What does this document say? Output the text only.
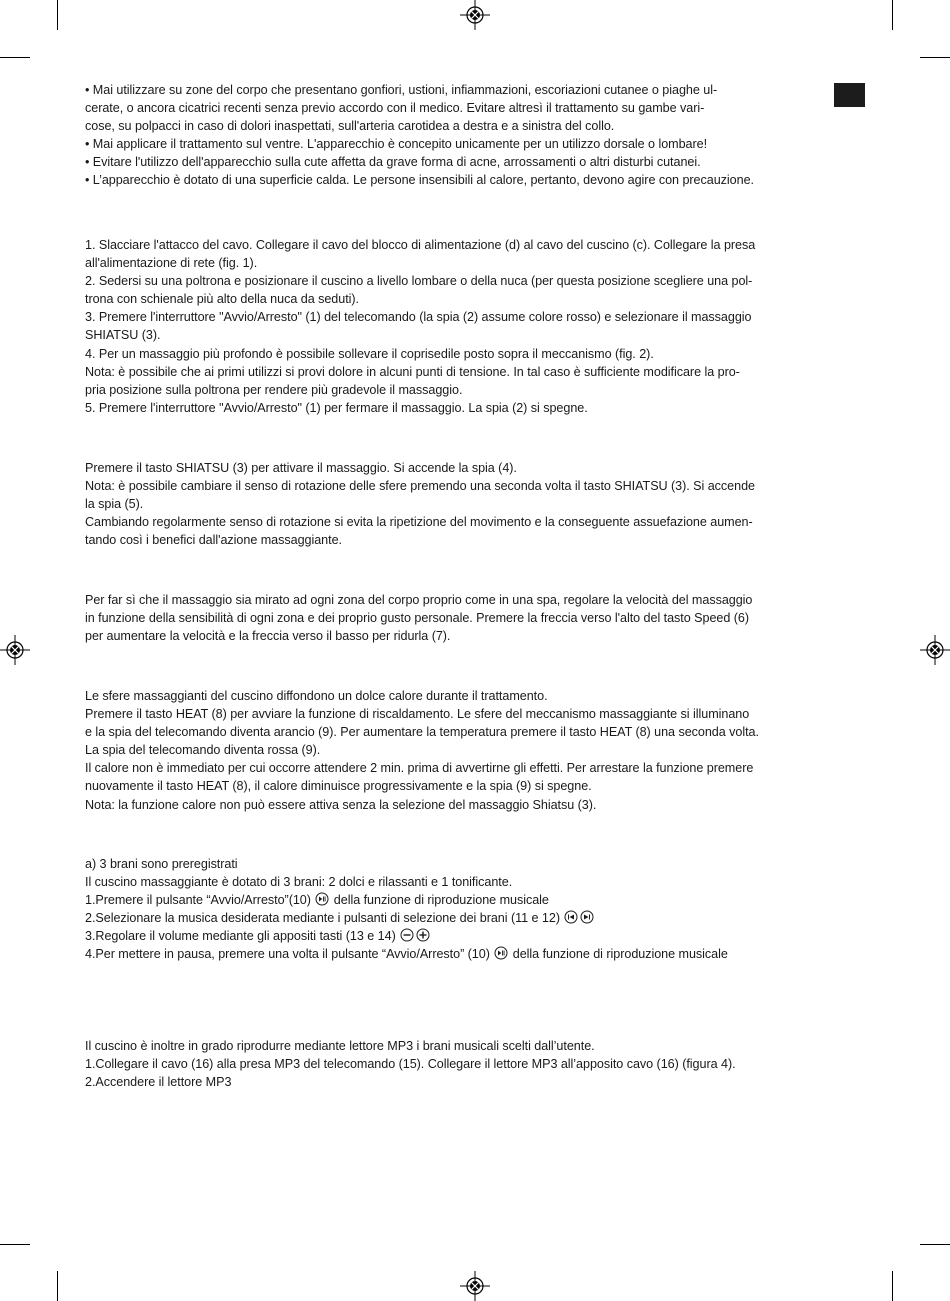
• Mai utilizzare su zone del corpo che presentano gonfiori, ustioni, infiammazioni, escoriazioni cutanee o piaghe ul-

cerate, o ancora cicatrici recenti senza previo accordo con il medico. Evitare altresì il trattamento su gambe vari-

cose, su polpacci in caso di dolori inaspettati, sull'arteria carotidea a destra e a sinistra del collo.

• Mai applicare il trattamento sul ventre. L'apparecchio è concepito unicamente per un utilizzo dorsale o lombare!

• Evitare l'utilizzo dell'apparecchio sulla cute affetta da grave forma di acne, arrossamenti o altri disturbi cutanei.

• L’apparecchio è dotato di una superficie calda. Le persone insensibili al calore, pertanto, devono agire con precauzione.

1. Slacciare l'attacco del cavo. Collegare il cavo del blocco di alimentazione (d) al cavo del cuscino (c). Collegare la presa

all'alimentazione di rete (fig. 1).

2. Sedersi su una poltrona e posizionare il cuscino a livello lombare o della nuca (per questa posizione scegliere una pol-

trona con schienale più alto della nuca da seduti).

3. Premere l'interruttore "Avvio/Arresto" (1) del telecomando (la spia (2) assume colore rosso) e selezionare il massaggio

SHIATSU (3).

4. Per un massaggio più profondo è possibile sollevare il coprisedile posto sopra il meccanismo (fig. 2).

Nota: è possibile che ai primi utilizzi si provi dolore in alcuni punti di tensione. In tal caso è sufficiente modificare la pro-

pria posizione sulla poltrona per rendere più gradevole il massaggio.

5. Premere l'interruttore "Avvio/Arresto" (1) per fermare il massaggio. La spia (2) si spegne.

Premere il tasto SHIATSU (3) per attivare il massaggio. Si accende la spia (4).

Nota: è possibile cambiare il senso di rotazione delle sfere premendo una seconda volta il tasto SHIATSU (3). Si accende

la spia (5).

Cambiando regolarmente senso di rotazione si evita la ripetizione del movimento e la conseguente assuefazione aumen-

tando così i benefici dall'azione massaggiante.

Per far sì che il massaggio sia mirato ad ogni zona del corpo proprio come in una spa, regolare la velocità del massaggio

in funzione della sensibilità di ogni zona e dei proprio gusto personale. Premere la freccia verso l'alto del tasto Speed (6)

per aumentare la velocità e la freccia verso il basso per ridurla (7).

Le sfere massaggianti del cuscino diffondono un dolce calore durante il trattamento.

Premere il tasto HEAT (8) per avviare la funzione di riscaldamento. Le sfere del meccanismo massaggiante si illuminano

e la spia del telecomando diventa arancio (9). Per aumentare la temperatura premere il tasto HEAT (8) una seconda volta.

La spia del telecomando diventa rossa (9).

Il calore non è immediato per cui occorre attendere 2 min. prima di avvertirne gli effetti. Per arrestare la funzione premere

nuovamente il tasto HEAT (8), il calore diminuisce progressivamente e la spia (9) si spegne.

Nota: la funzione calore non può essere attiva senza la selezione del massaggio Shiatsu (3).

a) 3 brani sono preregistrati

Il cuscino massaggiante è dotato di 3 brani: 2 dolci e rilassanti e 1 tonificante.

1.Premere il pulsante “Avvio/Arresto”(10)  della funzione di riproduzione musicale

2.Selezionare la musica desiderata mediante i pulsanti di selezione dei brani (11 e 12)

3.Regolare il volume mediante gli appositi tasti (13 e 14)

4.Per mettere in pausa, premere una volta il pulsante “Avvio/Arresto” (10)  della funzione di riproduzione musicale

Il cuscino è inoltre in grado riprodurre mediante lettore MP3 i brani musicali scelti dall’utente.

1.Collegare il cavo (16) alla presa MP3 del telecomando (15). Collegare il lettore MP3 all’apposito cavo (16) (figura 4).

2.Accendere il lettore MP3
